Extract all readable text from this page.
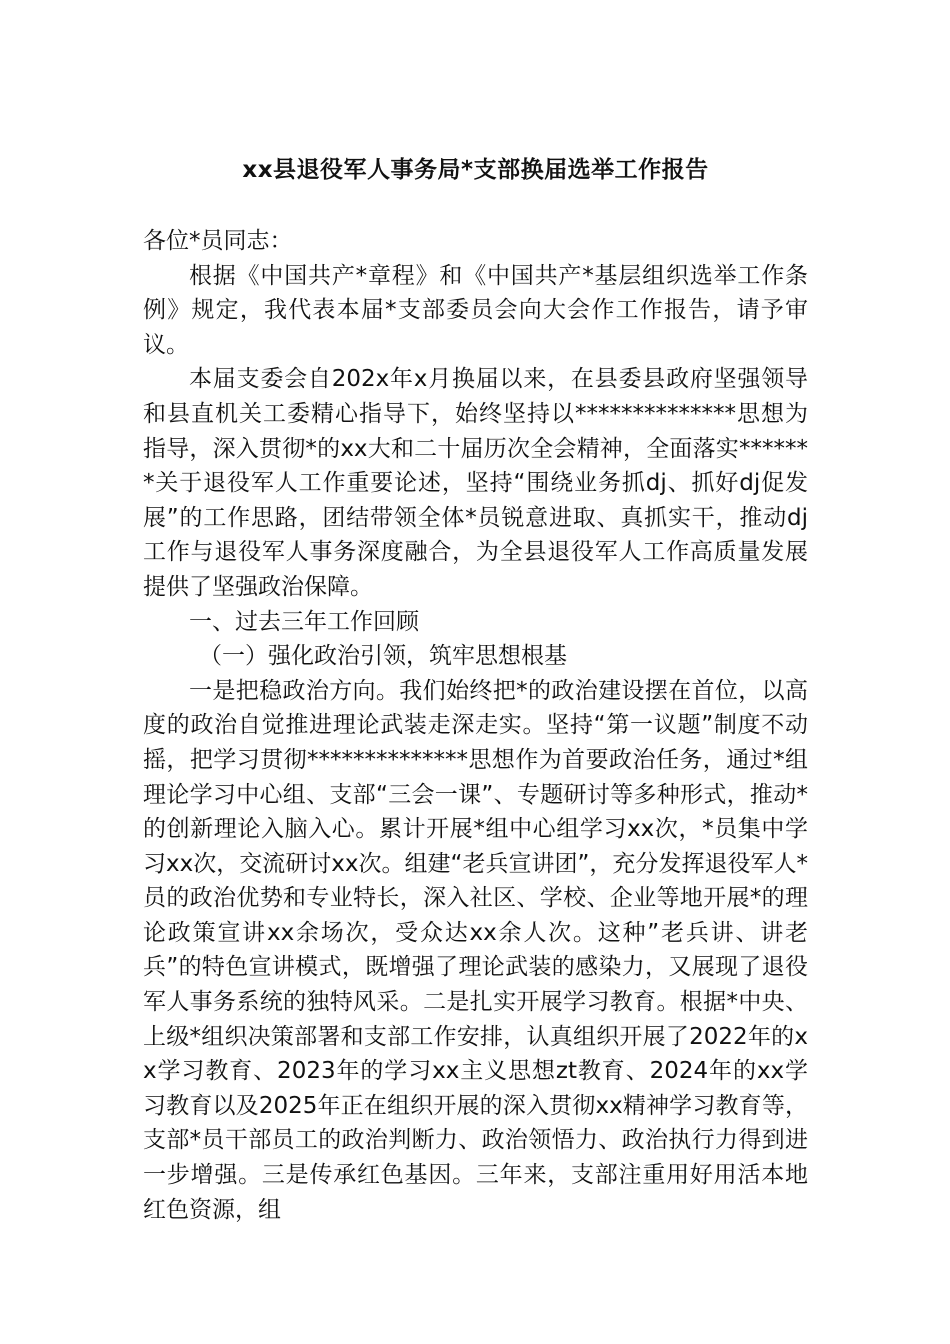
xx县退役军人事务局*支部换届选举工作报告

各位*员同志：

根据《中国共产*章程》和《中国共产*基层组织选举工作条例》规定，我代表本届*支部委员会向大会作工作报告，请予审议。

本届支委会自202x年x月换届以来，在县委县政府坚强领导和县直机关工委精心指导下，始终坚持以**************思想为指导，深入贯彻*的xx大和二十届历次全会精神，全面落实*******关于退役军人工作重要论述，坚持“围绕业务抓dj、抓好dj促发展”的工作思路，团结带领全体*员锐意进取、真抓实干，推动dj工作与退役军人事务深度融合，为全县退役军人工作高质量发展提供了坚强政治保障。

一、过去三年工作回顾

（一）强化政治引领，筑牢思想根基

一是把稳政治方向。我们始终把*的政治建设摆在首位，以高度的政治自觉推进理论武装走深走实。坚持“第一议题”制度不动摇，把学习贯彻**************思想作为首要政治任务，通过*组理论学习中心组、支部“三会一课”、专题研讨等多种形式，推动*的创新理论入脑入心。累计开展*组中心组学习xx次，*员集中学习xx次，交流研讨xx次。组建“老兵宣讲团”，充分发挥退役军人*员的政治优势和专业特长，深入社区、学校、企业等地开展*的理论政策宣讲xx余场次，受众达xx余人次。这种”老兵讲、讲老兵”的特色宣讲模式，既增强了理论武装的感染力，又展现了退役军人事务系统的独特风采。二是扎实开展学习教育。根据*中央、上级*组织决策部署和支部工作安排，认真组织开展了2022年的xx学习教育、2023年的学习xx主义思想zt教育、2024年的xx学习教育以及2025年正在组织开展的深入贯彻xx精神学习教育等，支部*员干部员工的政治判断力、政治领悟力、政治执行力得到进一步增强。三是传承红色基因。三年来，支部注重用好用活本地红色资源，组
